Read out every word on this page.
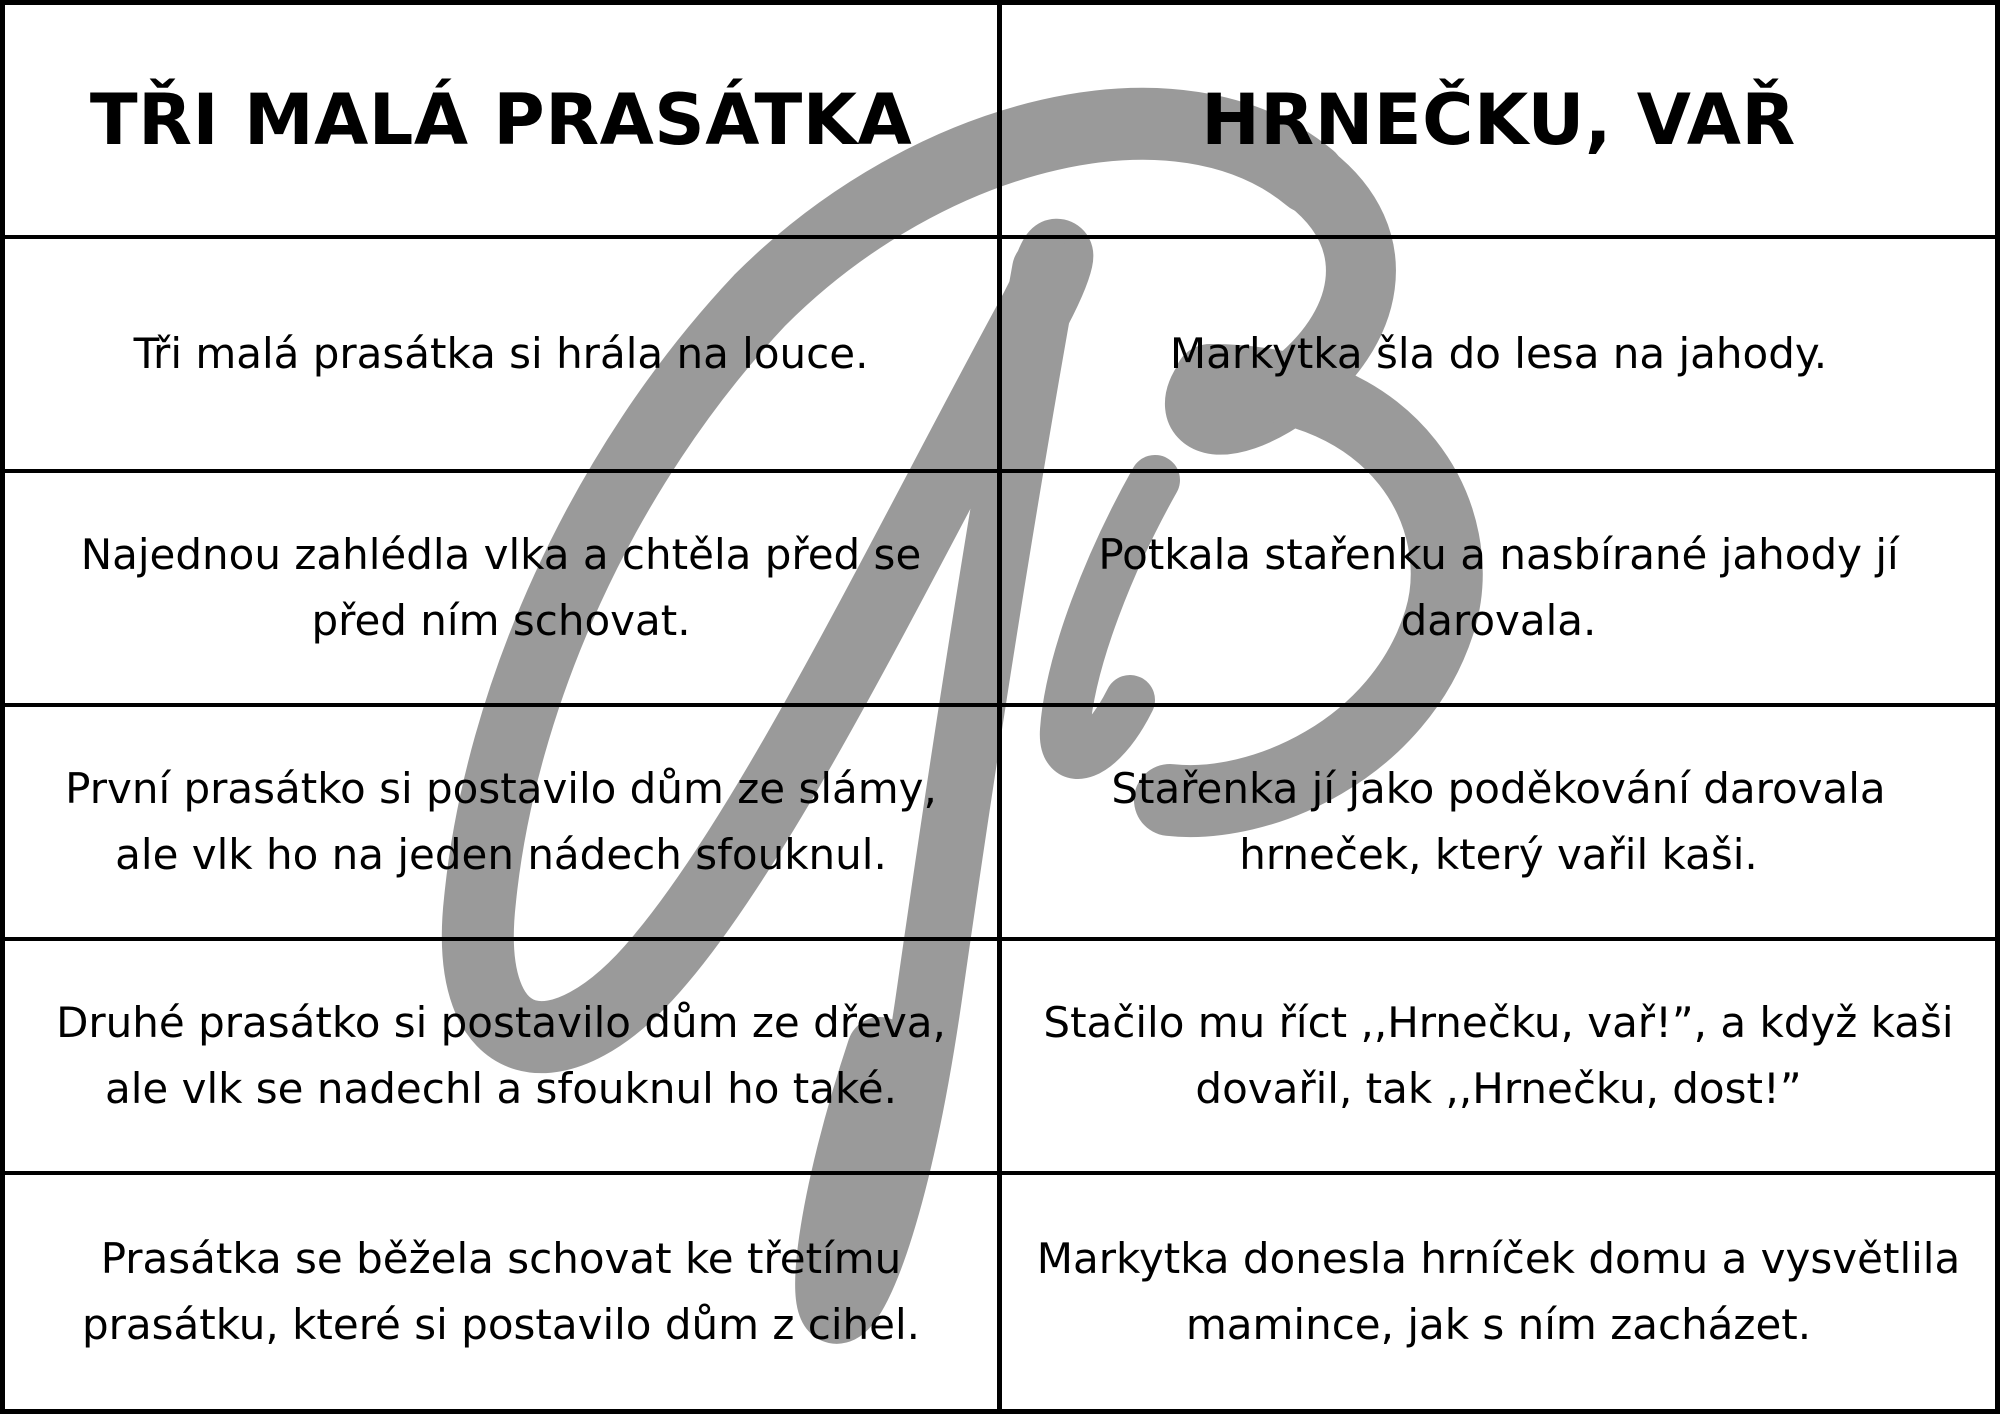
TŘI MALÁ PRASÁTKA	HRNEČKU, VAŘ
Tři malá prasátka si hrála na louce.	Markytka šla do lesa na jahody.
Najednou zahlédla vlka a chtěla před se před ním schovat.
Potkala stařenku a nasbírané jahody jí darovala.
První prasátko si postavilo dům ze slámy, ale vlk ho na jeden nádech sfouknul.
Stařenka jí jako poděkování darovala hrneček, který vařil kaši.
Druhé prasátko si postavilo dům ze dřeva, ale vlk se nadechl a sfouknul ho také.
Stačilo mu říct ,,Hrnečku, vař!”, a když kaši dovařil, tak ,,Hrnečku, dost!”
Prasátka se běžela schovat ke třetímu prasátku, které si postavilo dům z cihel.
Markytka donesla hrníček domu a vysvětlila mamince, jak s ním zacházet.
